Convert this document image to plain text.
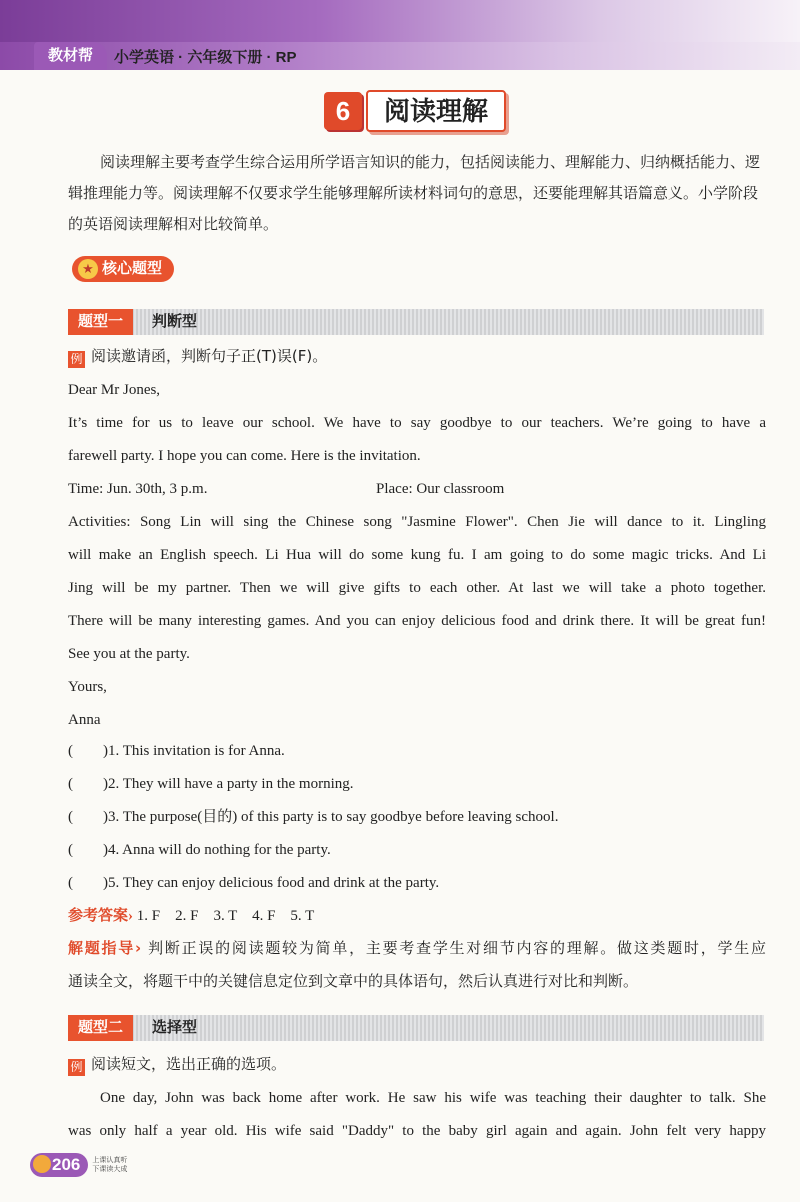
教材帮	小学英语 · 六年级下册 · RP
6	阅读理解
阅读理解主要考查学生综合运用所学语言知识的能力，包括阅读能力、理解能力、归纳概括能力、逻辑推理能力等。阅读理解不仅要求学生能够理解所读材料词句的意思，还要能理解其语篇意义。小学阶段的英语阅读理解相对比较简单。
★ 核心题型
题型一	判断型
例 阅读邀请函，判断句子正(T)误(F)。
Dear Mr Jones,
It’s time for us to leave our school. We have to say goodbye to our teachers. We’re going to have a
farewell party. I hope you can come. Here is the invitation.
Time: Jun. 30th, 3 p.m.	Place: Our classroom
Activities: Song Lin will sing the Chinese song "Jasmine Flower". Chen Jie will dance to it. Lingling
will make an English speech. Li Hua will do some kung fu. I am going to do some magic tricks. And Li
Jing will be my partner. Then we will give gifts to each other. At last we will take a photo together.
There will be many interesting games. And you can enjoy delicious food and drink there. It will be great fun!
See you at the party.
Yours,
Anna
(　　)1. This invitation is for Anna.
(　　)2. They will have a party in the morning.
(　　)3. The purpose(目的) of this party is to say goodbye before leaving school.
(　　)4. Anna will do nothing for the party.
(　　)5. They can enjoy delicious food and drink at the party.
参考答案› 1. F　2. F　3. T　4. F　5. T
解题指导› 判断正误的阅读题较为简单，主要考查学生对细节内容的理解。做这类题时，学生应
通读全文，将题干中的关键信息定位到文章中的具体语句，然后认真进行对比和判断。
题型二	选择型
例 阅读短文，选出正确的选项。
One day, John was back home after work. He saw his wife was teaching their daughter to talk. She
was only half a year old. His wife said "Daddy" to the baby girl again and again. John felt very happy
206	上课认真听
下课读大成
